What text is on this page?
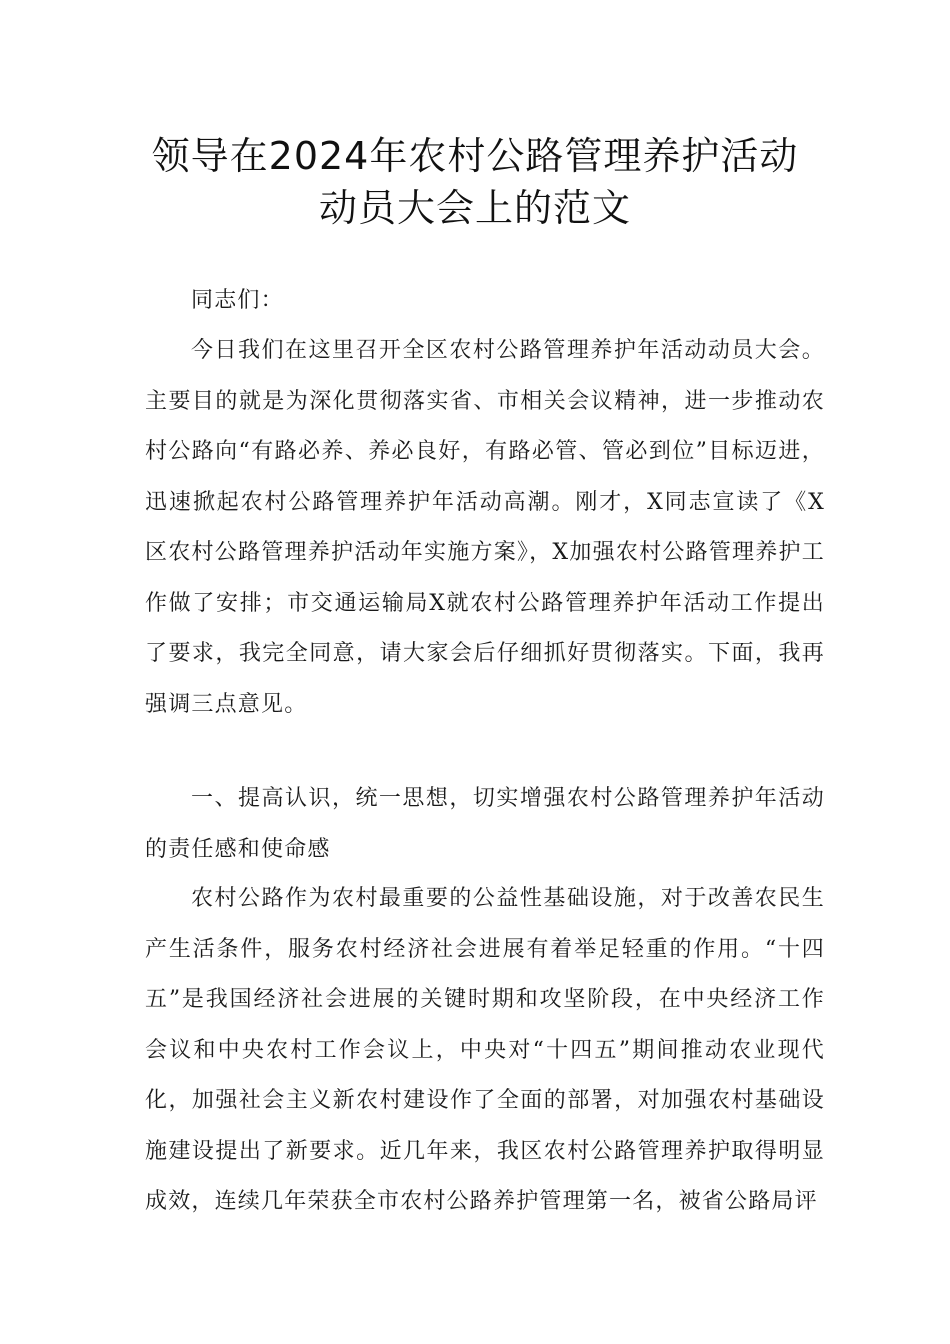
领导在2024年农村公路管理养护活动
动员大会上的范文

同志们：

今日我们在这里召开全区农村公路管理养护年活动动员大会。主要目的就是为深化贯彻落实省、市相关会议精神，进一步推动农村公路向“有路必养、养必良好，有路必管、管必到位”目标迈进，迅速掀起农村公路管理养护年活动高潮。刚才，X同志宣读了《X区农村公路管理养护活动年实施方案》，X加强农村公路管理养护工作做了安排；市交通运输局X就农村公路管理养护年活动工作提出了要求，我完全同意，请大家会后仔细抓好贯彻落实。下面，我再强调三点意见。

一、提高认识，统一思想，切实增强农村公路管理养护年活动的责任感和使命感

农村公路作为农村最重要的公益性基础设施，对于改善农民生产生活条件，服务农村经济社会进展有着举足轻重的作用。“十四五”是我国经济社会进展的关键时期和攻坚阶段，在中央经济工作会议和中央农村工作会议上，中央对“十四五”期间推动农业现代化，加强社会主义新农村建设作了全面的部署，对加强农村基础设施建设提出了新要求。近几年来，我区农村公路管理养护取得明显成效，连续几年荣获全市农村公路养护管理第一名，被省公路局评
